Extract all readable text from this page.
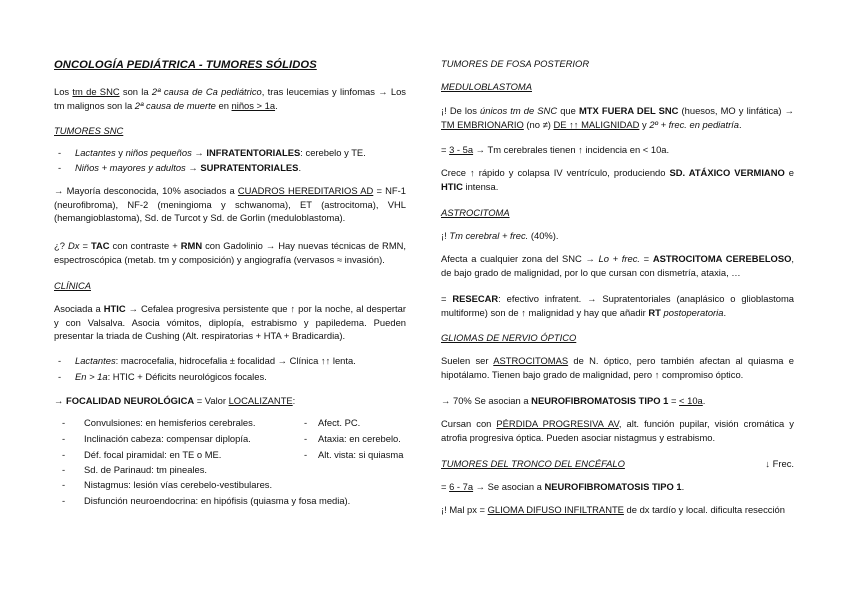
ONCOLOGÍA PEDIÁTRICA - TUMORES SÓLIDOS

Los tm de SNC son la 2ª causa de Ca pediátrico, tras leucemias y linfomas → Los tm malignos son la 2ª causa de muerte en niños > 1a.

TUMORES SNC

- Lactantes y niños pequeños → INFRATENTORIALES: cerebelo y TE.
- Niños + mayores y adultos → SUPRATENTORIALES.

→ Mayoría desconocida, 10% asociados a CUADROS HEREDITARIOS AD = NF-1 (neurofibroma), NF-2 (meningioma y schwanoma), ET (astrocitoma), VHL (hemangioblastoma), Sd. de Turcot y Sd. de Gorlin (meduloblastoma).

¿? Dx = TAC con contraste + RMN con Gadolinio → Hay nuevas técnicas de RMN, espectroscópica (metab. tm y composición) y angiografía (vervasos ≈ invasión).

CLÍNICA

Asociada a HTIC → Cefalea progresiva persistente que ↑ por la noche, al despertar y con Valsalva. Asocia vómitos, diplopía, estrabismo y papiledema. Pueden presentar la triada de Cushing (Alt. respiratorias + HTA + Bradicardia).

- Lactantes: macrocefalia, hidrocefalia ± focalidad → Clínica ↑↑ lenta.
- En > 1a: HTIC + Déficits neurológicos focales.

→ FOCALIDAD NEUROLÓGICA = Valor LOCALIZANTE:

- Convulsiones: en hemisferios cerebrales.	- Afect. PC.
- Inclinación cabeza: compensar diplopía.	- Ataxia: en cerebelo.
- Déf. focal piramidal: en TE o ME.	- Alt. vista: si quiasma
- Sd. de Parinaud: tm pineales.
- Nistagmus: lesión vías cerebelo-vestibulares.
- Disfunción neuroendocrina: en hipófisis (quiasma y fosa media).

TUMORES DE FOSA POSTERIOR

MEDULOBLASTOMA

¡! De los únicos tm de SNC que MTX FUERA DEL SNC (huesos, MO y linfática) → TM EMBRIONARIO (no ≠) DE ↑↑ MALIGNIDAD y 2º + frec. en pediatría.

= 3 - 5a → Tm cerebrales tienen ↑ incidencia en < 10a.

Crece ↑ rápido y colapsa IV ventrículo, produciendo SD. ATÁXICO VERMIANO e HTIC intensa.

ASTROCITOMA

¡! Tm cerebral + frec. (40%).

Afecta a cualquier zona del SNC → Lo + frec. = ASTROCITOMA CEREBELOSO, de bajo grado de malignidad, por lo que cursan con dismetría, ataxia, …

= RESECAR: efectivo infratent. → Supratentoriales (anaplásico o glioblastoma multiforme) son de ↑ malignidad y hay que añadir RT postoperatoria.

GLIOMAS DE NERVIO ÓPTICO

Suelen ser ASTROCITOMAS de N. óptico, pero también afectan al quiasma e hipotálamo. Tienen bajo grado de malignidad, pero ↑ compromiso óptico.

→ 70% Se asocian a NEUROFIBROMATOSIS TIPO 1 = < 10a.

Cursan con PÉRDIDA PROGRESIVA AV, alt. función pupilar, visión cromática y atrofia progresiva óptica. Pueden asociar nistagmus y estrabismo.

TUMORES DEL TRONCO DEL ENCÉFALO	↓ Frec.

= 6 - 7a → Se asocian a NEUROFIBROMATOSIS TIPO 1.

¡! Mal px = GLIOMA DIFUSO INFILTRANTE de dx tardío y local. dificulta resección
